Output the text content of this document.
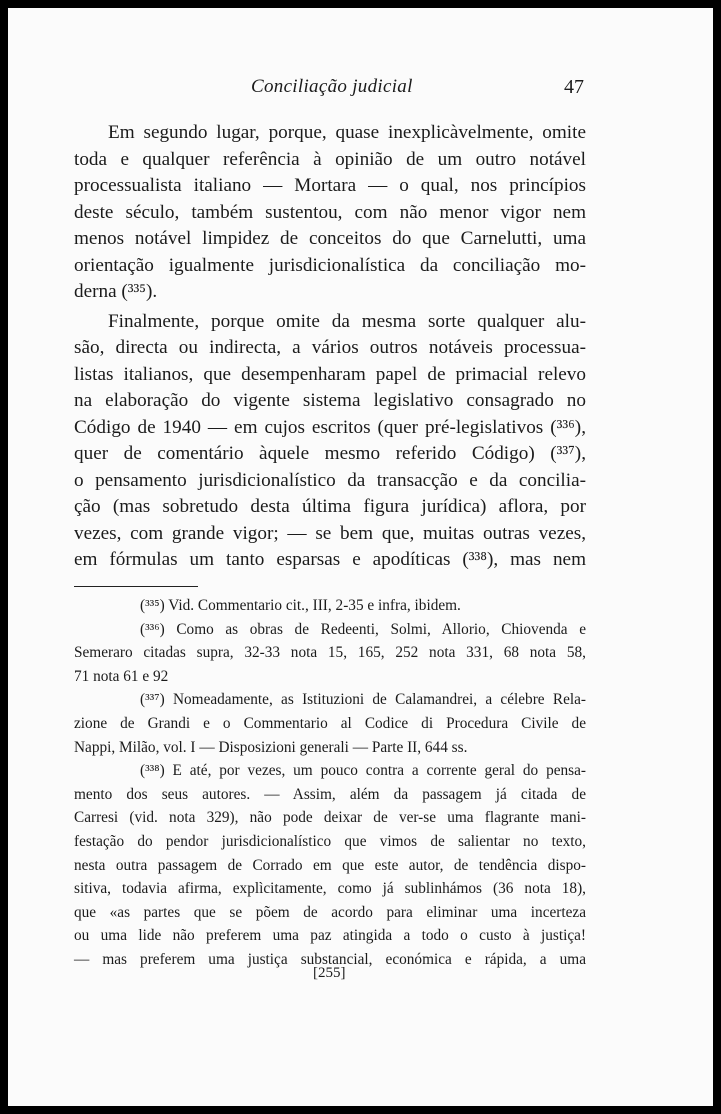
Conciliação judicial	47
Em segundo lugar, porque, quase inexplicàvelmente, omite
toda e qualquer referência à opinião de um outro notável
processualista italiano — Mortara — o qual, nos princípios
deste século, também sustentou, com não menor vigor nem
menos notável limpidez de conceitos do que Carnelutti, uma
orientação igualmente jurisdicionalística da conciliação mo-
derna (³³⁵).
Finalmente, porque omite da mesma sorte qualquer alu-
são, directa ou indirecta, a vários outros notáveis processua-
listas italianos, que desempenharam papel de primacial relevo
na elaboração do vigente sistema legislativo consagrado no
Código de 1940 — em cujos escritos (quer pré-legislativos (³³⁶),
quer de comentário àquele mesmo referido Código) (³³⁷),
o pensamento jurisdicionalístico da transacção e da concilia-
ção (mas sobretudo desta última figura jurídica) aflora, por
vezes, com grande vigor; — se bem que, muitas outras vezes,
em fórmulas um tanto esparsas e apodíticas (³³⁸), mas nem
(³³⁵) Vid. Commentario cit., III, 2-35 e infra, ibidem.
(³³⁶) Como as obras de Redeenti, Solmi, Allorio, Chiovenda e
Semeraro citadas supra, 32-33 nota 15, 165, 252 nota 331, 68 nota 58,
71 nota 61 e 92
(³³⁷) Nomeadamente, as Istituzioni de Calamandrei, a célebre Rela-
zione de Grandi e o Commentario al Codice di Procedura Civile de
Nappi, Milão, vol. I — Disposizioni generali — Parte II, 644 ss.
(³³⁸) E até, por vezes, um pouco contra a corrente geral do pensa-
mento dos seus autores. — Assim, além da passagem já citada de
Carresi (vid. nota 329), não pode deixar de ver-se uma flagrante mani-
festação do pendor jurisdicionalístico que vimos de salientar no texto,
nesta outra passagem de Corrado em que este autor, de tendência dispo-
sitiva, todavia afirma, explìcitamente, como já sublinhámos (36 nota 18),
que «as partes que se põem de acordo para eliminar uma incerteza
ou uma lide não preferem uma paz atingida a todo o custo à justiça!
— mas preferem uma justiça substancial, económica e rápida, a uma
[255]
